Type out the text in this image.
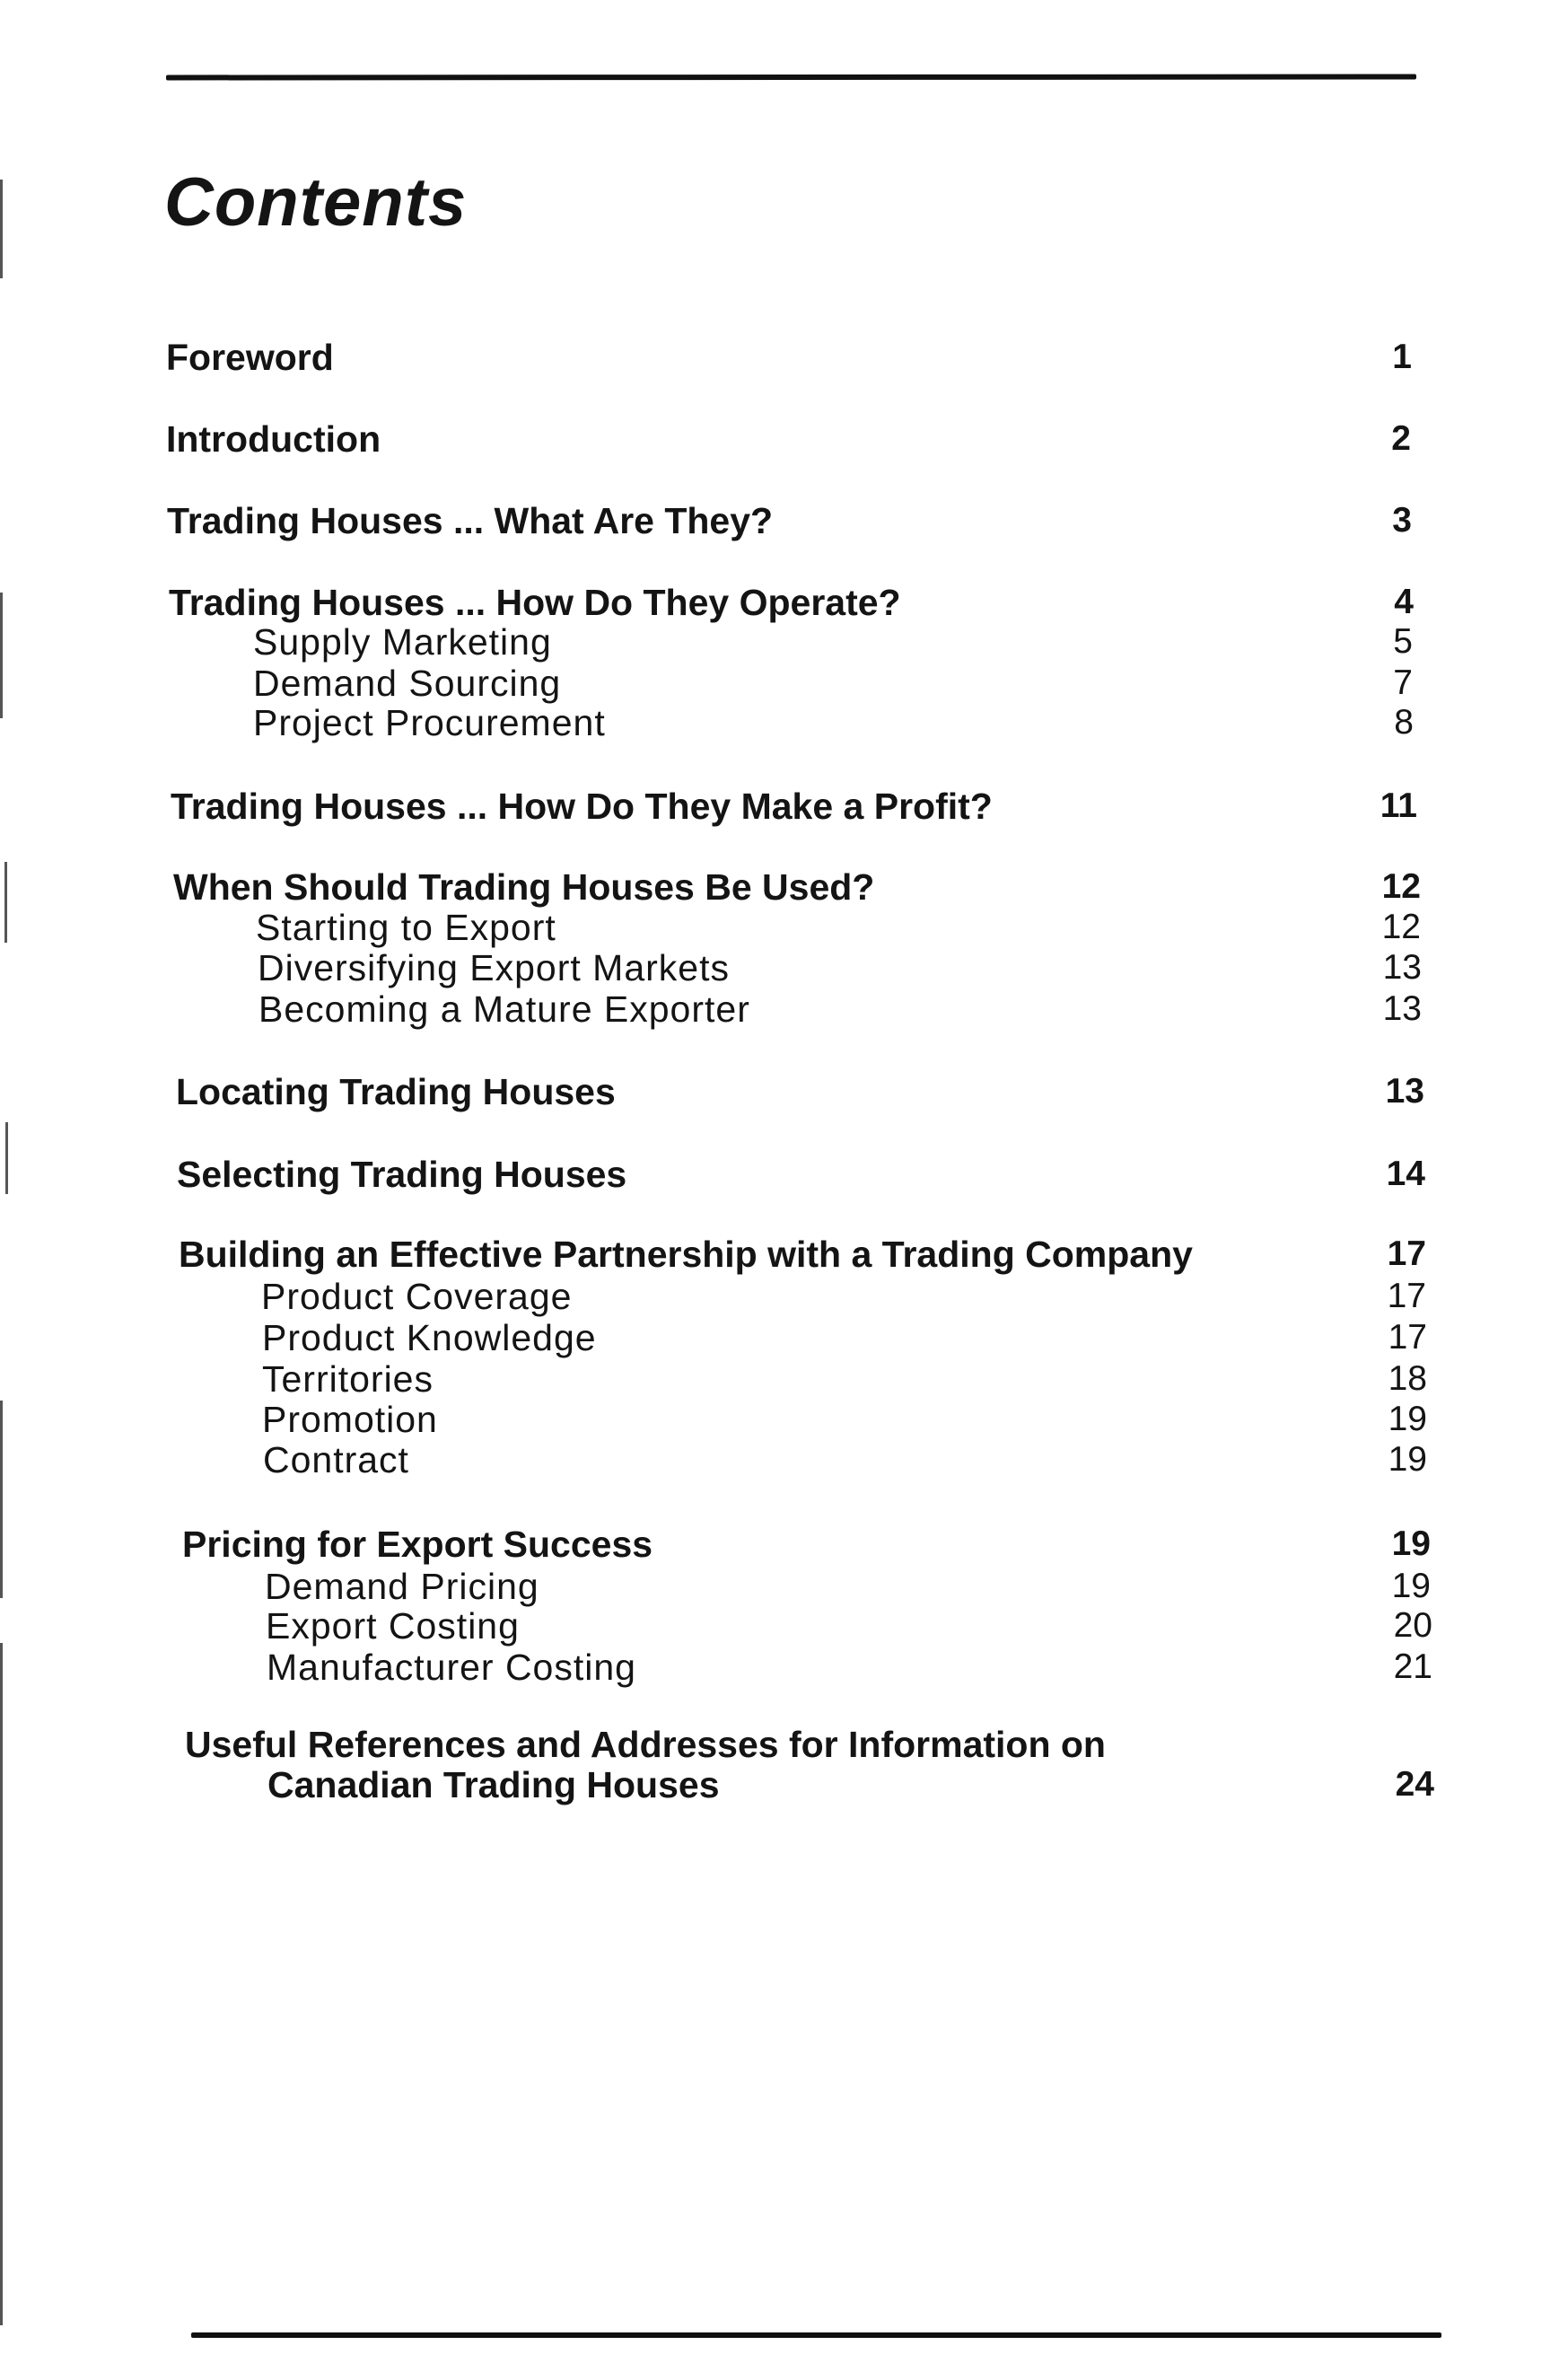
Contents
Foreword	1
Introduction	2
Trading Houses ... What Are They?	3
Trading Houses ... How Do They Operate?	4
Supply Marketing	5
Demand Sourcing	7
Project Procurement	8
Trading Houses ... How Do They Make a Profit?	11
When Should Trading Houses Be Used?	12
Starting to Export	12
Diversifying Export Markets	13
Becoming a Mature Exporter	13
Locating Trading Houses	13
Selecting Trading Houses	14
Building an Effective Partnership with a Trading Company	17
Product Coverage	17
Product Knowledge	17
Territories	18
Promotion	19
Contract	19
Pricing for Export Success	19
Demand Pricing	19
Export Costing	20
Manufacturer Costing	21
Useful References and Addresses for Information on
Canadian Trading Houses	24
